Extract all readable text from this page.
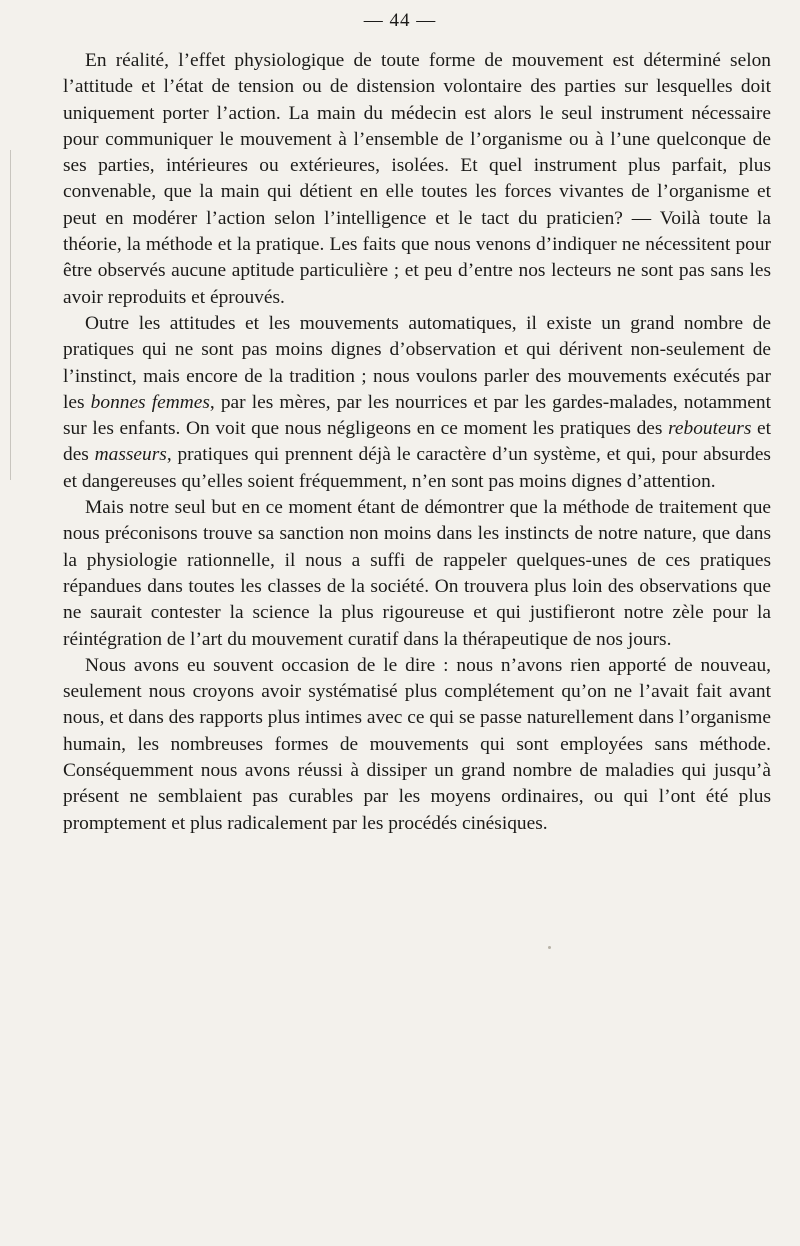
— 44 —

En réalité, l’effet physiologique de toute forme de mouvement est déterminé selon l’attitude et l’état de tension ou de distension volontaire des parties sur lesquelles doit uniquement porter l’action. La main du médecin est alors le seul instrument nécessaire pour communiquer le mouvement à l’ensemble de l’organisme ou à l’une quelconque de ses parties, intérieures ou extérieures, isolées. Et quel instrument plus parfait, plus convenable, que la main qui détient en elle toutes les forces vivantes de l’organisme et peut en modérer l’action selon l’intelligence et le tact du praticien? — Voilà toute la théorie, la méthode et la pratique. Les faits que nous venons d’indiquer ne nécessitent pour être observés aucune aptitude particulière ; et peu d’entre nos lecteurs ne sont pas sans les avoir reproduits et éprouvés.

Outre les attitudes et les mouvements automatiques, il existe un grand nombre de pratiques qui ne sont pas moins dignes d’observation et qui dérivent non-seulement de l’instinct, mais encore de la tradition ; nous voulons parler des mouvements exécutés par les bonnes femmes, par les mères, par les nourrices et par les gardes-malades, notamment sur les enfants. On voit que nous négligeons en ce moment les pratiques des rebouteurs et des masseurs, pratiques qui prennent déjà le caractère d’un système, et qui, pour absurdes et dangereuses qu’elles soient fréquemment, n’en sont pas moins dignes d’attention.

Mais notre seul but en ce moment étant de démontrer que la méthode de traitement que nous préconisons trouve sa sanction non moins dans les instincts de notre nature, que dans la physiologie rationnelle, il nous a suffi de rappeler quelques-unes de ces pratiques répandues dans toutes les classes de la société. On trouvera plus loin des observations que ne saurait contester la science la plus rigoureuse et qui justifieront notre zèle pour la réintégration de l’art du mouvement curatif dans la thérapeutique de nos jours.

Nous avons eu souvent occasion de le dire : nous n’avons rien apporté de nouveau, seulement nous croyons avoir systématisé plus complétement qu’on ne l’avait fait avant nous, et dans des rapports plus intimes avec ce qui se passe naturellement dans l’organisme humain, les nombreuses formes de mouvements qui sont employées sans méthode. Conséquemment nous avons réussi à dissiper un grand nombre de maladies qui jusqu’à présent ne semblaient pas curables par les moyens ordinaires, ou qui l’ont été plus promptement et plus radicalement par les procédés cinésiques.
